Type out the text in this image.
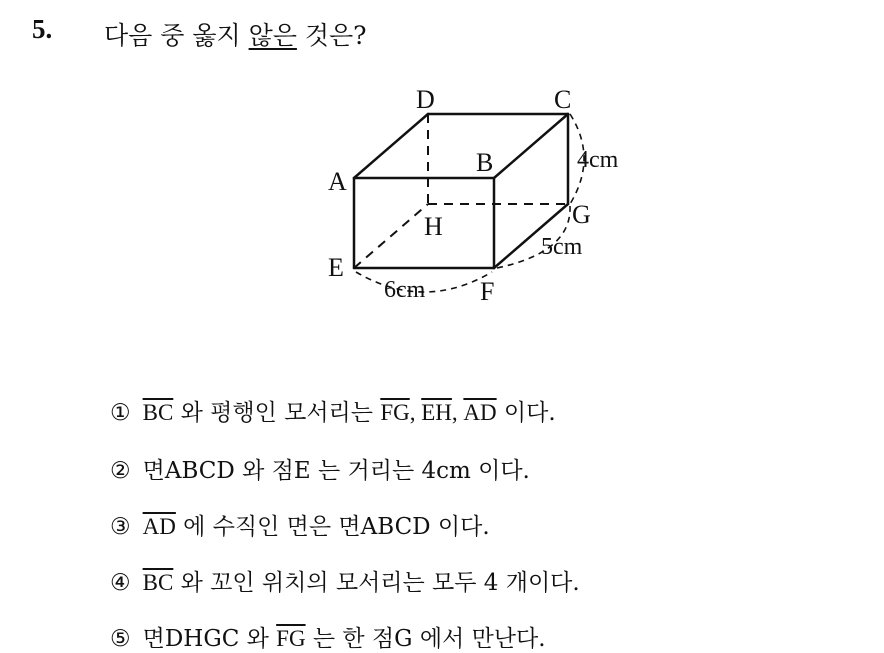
5. 다음 중 옳지 않은 것은?
D	C
A
B
H	G
E
F
4cm
5cm
6cm
① $\overline{BC}$ 와 평행인 모서리는 $\overline{FG}$, $\overline{EH}$, $\overline{AD}$ 이다.
② 면ABCD 와 점E 는 거리는 4cm 이다.
③ $\overline{AD}$ 에 수직인 면은 면ABCD 이다.
④ $\overline{BC}$ 와 꼬인 위치의 모서리는 모두 4 개이다.
⑤ 면DHGC 와 $\overline{FG}$ 는 한 점G 에서 만난다.
